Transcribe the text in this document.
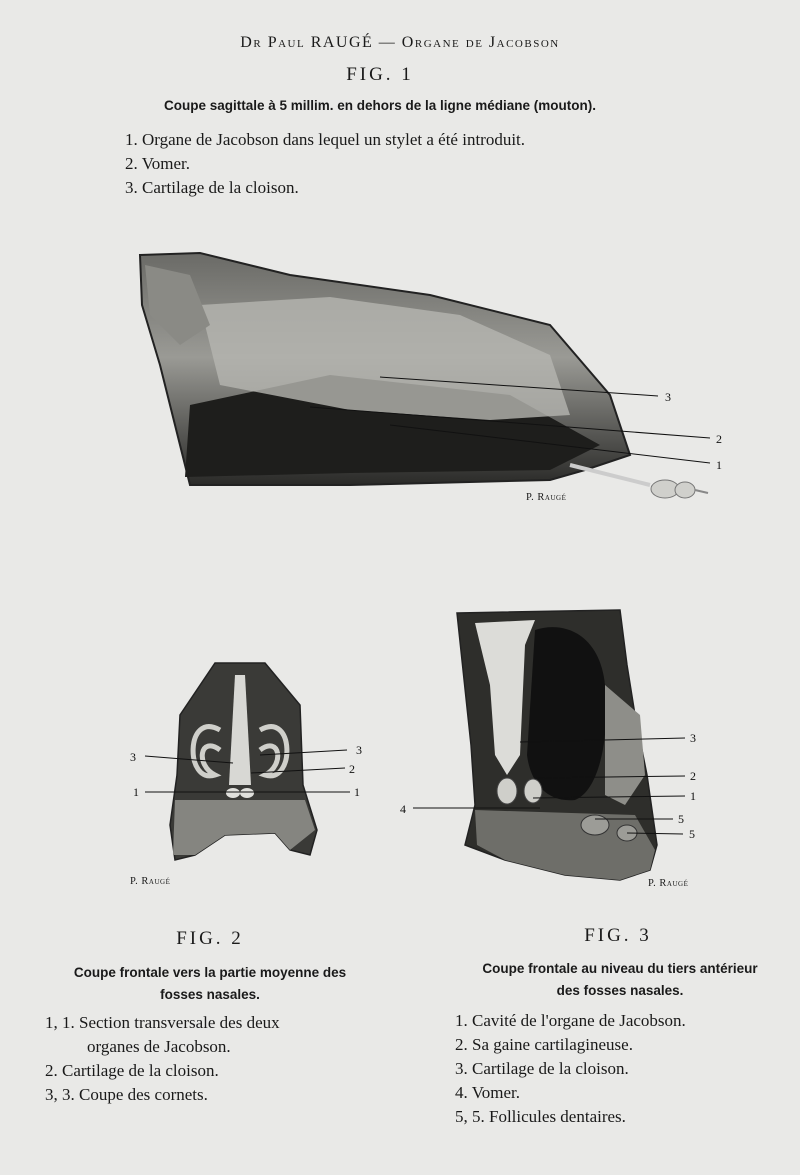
Dr Paul RAUGÉ — Organe de Jacobson
FIG. 1
Coupe sagittale à 5 millim. en dehors de la ligne médiane (mouton).
1. Organe de Jacobson dans lequel un stylet a été introduit.
2. Vomer.
3. Cartilage de la cloison.
3
2
1
P. Raugé
3	3
2
1	1
P. Raugé
3
2
1
4
5
5
P. Raugé
FIG. 2
Coupe frontale vers la partie moyenne des
fosses nasales.
1, 1. Section transversale des deux
organes de Jacobson.
2. Cartilage de la cloison.
3, 3. Coupe des cornets.
FIG. 3
Coupe frontale au niveau du tiers antérieur
des fosses nasales.
1. Cavité de l'organe de Jacobson.
2. Sa gaine cartilagineuse.
3. Cartilage de la cloison.
4. Vomer.
5, 5. Follicules dentaires.
